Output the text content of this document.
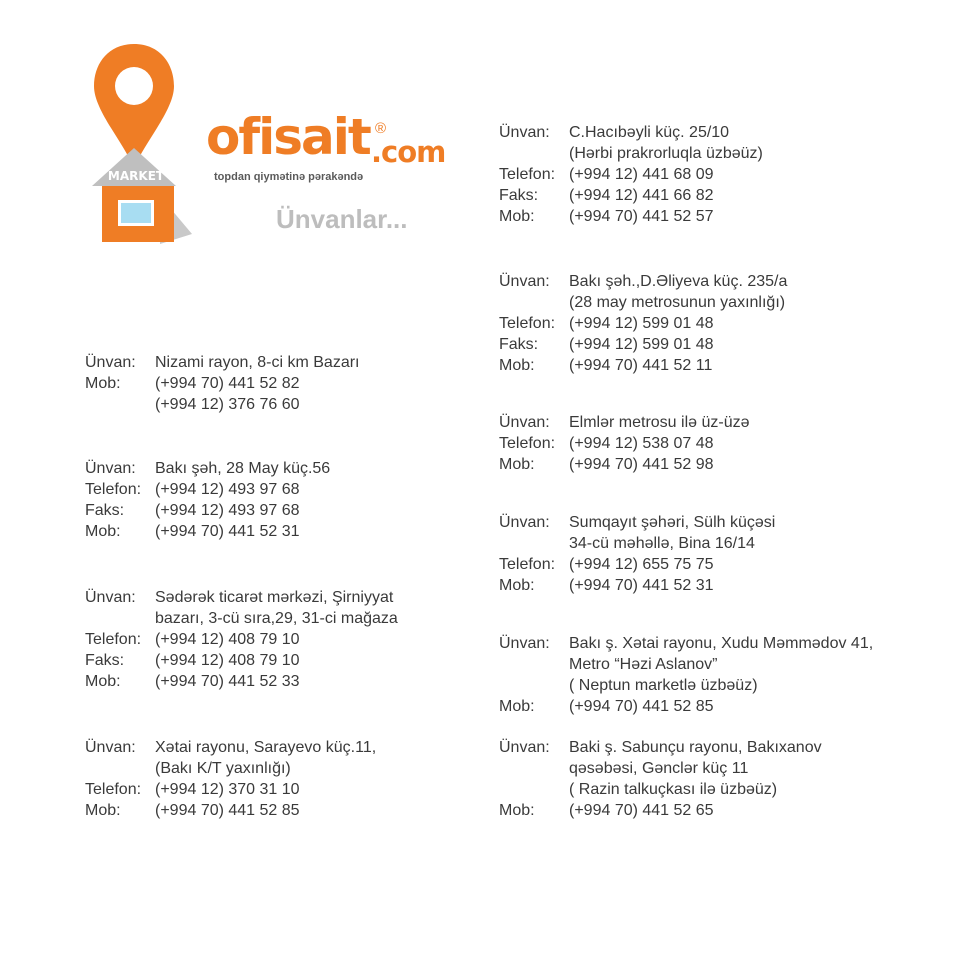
MARKET
ofisait ®
.com
topdan qiymətinə pərakəndə
Ünvanlar...
Ünvan:	Nizami rayon, 8-ci km Bazarı
Mob:	(+994 70) 441 52 82
(+994 12) 376 76 60
Ünvan:	Bakı şəh, 28 May küç.56
Telefon: (+994 12) 493 97 68
Faks:	(+994 12) 493 97 68
Mob:	(+994 70) 441 52 31
Ünvan:	Sədərək ticarət mərkəzi, Şirniyyat
bazarı, 3-cü sıra,29, 31-ci mağaza
Telefon: (+994 12) 408 79 10
Faks:	(+994 12) 408 79 10
Mob:	(+994 70) 441 52 33
Ünvan:	Xətai rayonu, Sarayevo küç.11,
(Bakı K/T yaxınlığı)
Telefon: (+994 12) 370 31 10
Mob:	(+994 70) 441 52 85
Ünvan:	C.Hacıbəyli küç. 25/10
(Hərbi prakrorluqla üzbəüz)
Telefon: (+994 12) 441 68 09
Faks:	(+994 12) 441 66 82
Mob:	(+994 70) 441 52 57
Ünvan:	Bakı şəh.,D.Əliyeva küç. 235/a
(28 may metrosunun yaxınlığı)
Telefon: (+994 12) 599 01 48
Faks:	(+994 12) 599 01 48
Mob:	(+994 70) 441 52 11
Ünvan:	Elmlər metrosu ilə üz-üzə
Telefon: (+994 12) 538 07 48
Mob:	(+994 70) 441 52 98
Ünvan:	Sumqayıt şəhəri, Sülh küçəsi
34-cü məhəllə, Bina 16/14
Telefon: (+994 12) 655 75 75
Mob:	(+994 70) 441 52 31
Ünvan:	Bakı ş. Xətai rayonu, Xudu Məmmədov 41,
Metro “Həzi Aslanov”
( Neptun marketlə üzbəüz)
Mob:	(+994 70) 441 52 85
Ünvan:	Baki ş. Sabunçu rayonu, Bakıxanov
qəsəbəsi, Gənclər küç 11
( Razin talkuçkası ilə üzbəüz)
Mob:	(+994 70) 441 52 65
